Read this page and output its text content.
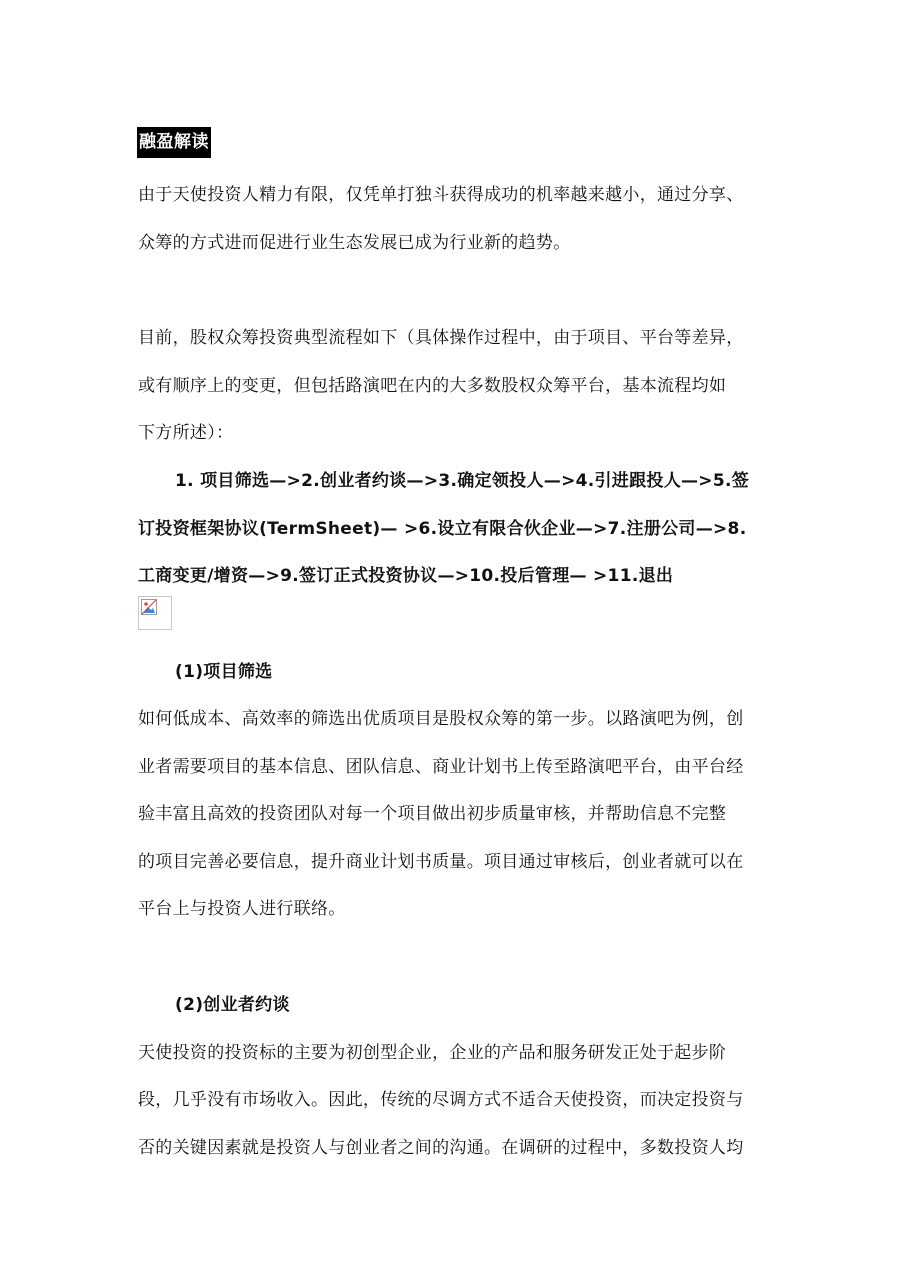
融盈解读
由于天使投资人精力有限，仅凭单打独斗获得成功的机率越来越小，通过分享、
众筹的方式进而促进行业生态发展已成为行业新的趋势。
目前，股权众筹投资典型流程如下（具体操作过程中，由于项目、平台等差异，
或有顺序上的变更，但包括路演吧在内的大多数股权众筹平台，基本流程均如
下方所述）：
1. 项目筛选—>2.创业者约谈—>3.确定领投人—>4.引进跟投人—>5.签
订投资框架协议(TermSheet)— >6.设立有限合伙企业—>7.注册公司—>8.
工商变更/增资—>9.签订正式投资协议—>10.投后管理— >11.退出
(1)项目筛选
如何低成本、高效率的筛选出优质项目是股权众筹的第一步。以路演吧为例，创
业者需要项目的基本信息、团队信息、商业计划书上传至路演吧平台，由平台经
验丰富且高效的投资团队对每一个项目做出初步质量审核，并帮助信息不完整
的项目完善必要信息，提升商业计划书质量。项目通过审核后，创业者就可以在
平台上与投资人进行联络。
(2)创业者约谈
天使投资的投资标的主要为初创型企业，企业的产品和服务研发正处于起步阶
段，几乎没有市场收入。因此，传统的尽调方式不适合天使投资，而决定投资与
否的关键因素就是投资人与创业者之间的沟通。在调研的过程中，多数投资人均
